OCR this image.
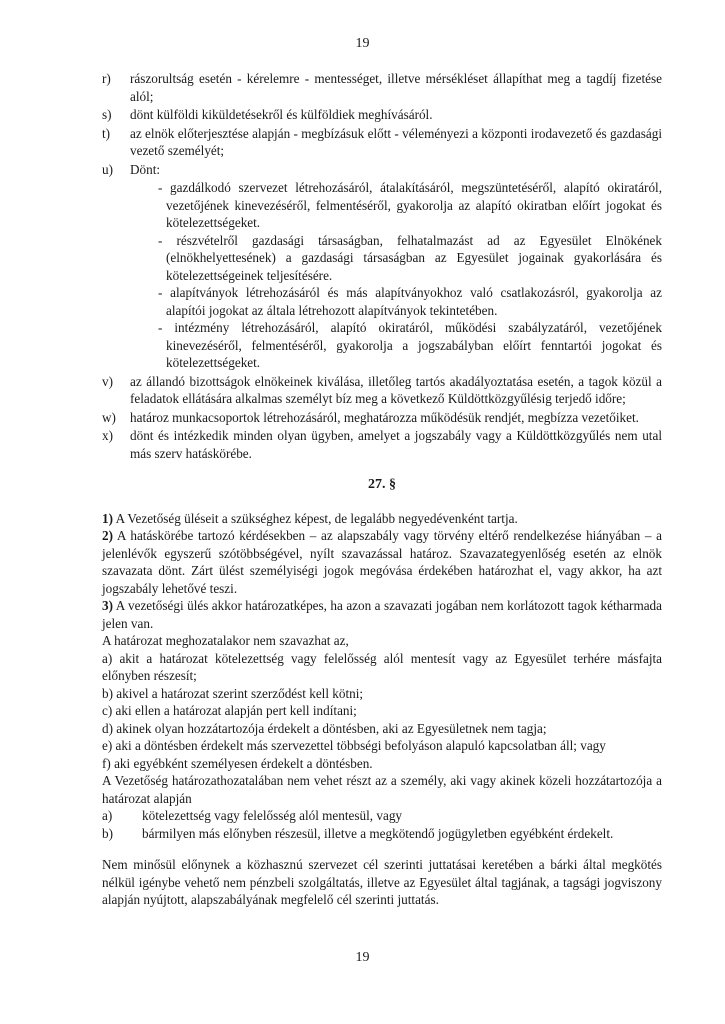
19
r) rászorultság esetén - kérelemre - mentességet, illetve mérsékléset állapíthat meg a tagdíj fizetése alól;
s) dönt külföldi kiküldetésekről és külföldiek meghívásáról.
t) az elnök előterjesztése alapján - megbízásuk előtt - véleményezi a központi irodavezető és gazdasági vezető személyét;
u) Dönt:
- gazdálkodó szervezet létrehozásáról, átalakításáról, megszüntetéséről, alapító okiratáról, vezetőjének kinevezéséről, felmentéséről, gyakorolja az alapító okiratban előírt jogokat és kötelezettségeket.
- részvételről gazdasági társaságban, felhatalmazást ad az Egyesület Elnökének (elnökhelyettesének) a gazdasági társaságban az Egyesület jogainak gyakorlására és kötelezettségeinek teljesítésére.
- alapítványok létrehozásáról és más alapítványokhoz való csatlakozásról, gyakorolja az alapítói jogokat az általa létrehozott alapítványok tekintetében.
- intézmény létrehozásáról, alapító okiratáról, működési szabályzatáról, vezetőjének kinevezéséről, felmentéséről, gyakorolja a jogszabályban előírt fenntartói jogokat és kötelezettségeket.
v) az állandó bizottságok elnökeinek kiválása, illetőleg tartós akadályoztatása esetén, a tagok közül a feladatok ellátására alkalmas személyt bíz meg a következő Küldöttközgyűlésig terjedő időre;
w) határoz munkacsoportok létrehozásáról, meghatározza működésük rendjét, megbízza vezetőiket.
x) dönt és intézkedik minden olyan ügyben, amelyet a jogszabály vagy a Küldöttközgyűlés nem utal más szerv hatáskörébe.
27. §

1) A Vezetőség üléseit a szükséghez képest, de legalább negyedévenként tartja.

2) A hatáskörébe tartozó kérdésekben – az alapszabály vagy törvény eltérő rendelkezése hiányában – a jelenlévők egyszerű szótöbbségével, nyílt szavazással határoz. Szavazategyenlőség esetén az elnök szavazata dönt. Zárt ülést személyiségi jogok megóvása érdekében határozhat el, vagy akkor, ha azt jogszabály lehetővé teszi.

3) A vezetőségi ülés akkor határozatképes, ha azon a szavazati jogában nem korlátozott tagok kétharmada jelen van.

A határozat meghozatalakor nem szavazhat az,

a) akit a határozat kötelezettség vagy felelősség alól mentesít vagy az Egyesület terhére másfajta előnyben részesít;

b) akivel a határozat szerint szerződést kell kötni;

c) aki ellen a határozat alapján pert kell indítani;

d) akinek olyan hozzátartozója érdekelt a döntésben, aki az Egyesületnek nem tagja;

e) aki a döntésben érdekelt más szervezettel többségi befolyáson alapuló kapcsolatban áll; vagy

f) aki egyébként személyesen érdekelt a döntésben.

A Vezetőség határozathozatalában nem vehet részt az a személy, aki vagy akinek közeli hozzátartozója a határozat alapján

a) kötelezettség vagy felelősség alól mentesül, vagy
b) bármilyen más előnyben részesül, illetve a megkötendő jogügyletben egyébként érdekelt.

Nem minősül előnynek a közhasznú szervezet cél szerinti juttatásai keretében a bárki által megkötés nélkül igénybe vehető nem pénzbeli szolgáltatás, illetve az Egyesület által tagjának, a tagsági jogviszony alapján nyújtott, alapszabályának megfelelő cél szerinti juttatás.

19
